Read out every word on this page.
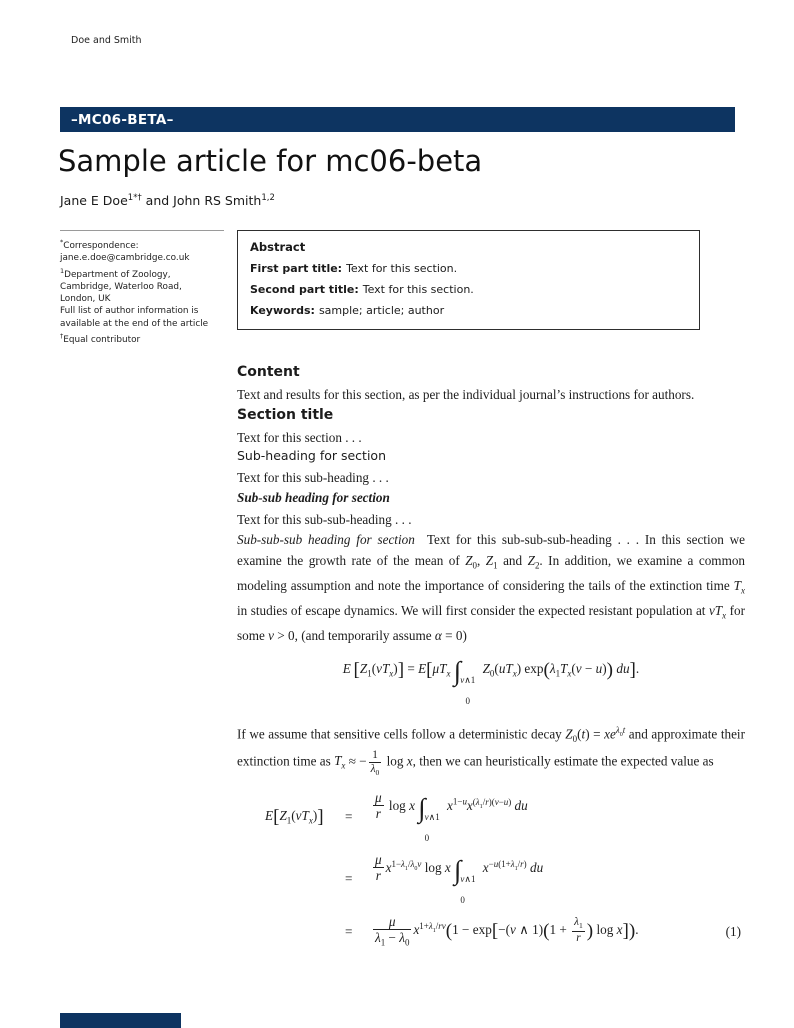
Doe and Smith
–MC06-BETA–
Sample article for mc06-beta
Jane E Doe$^{1*\dagger}$ and John RS Smith$^{1,2}$
*Correspondence:
jane.e.doe@cambridge.co.uk
$^1$Department of Zoology,
Cambridge, Waterloo Road,
London, UK
Full list of author information is
available at the end of the article
†Equal contributor
Abstract
First part title: Text for this section.
Second part title: Text for this section.
Keywords: sample; article; author
Content

Text and results for this section, as per the individual journal’s instructions for authors.

Section title

Text for this section . . .

Sub-heading for section

Text for this sub-heading . . .

Sub-sub heading for section

Text for this sub-sub-heading . . .

Sub-sub-sub heading for section Text for this sub-sub-sub-heading . . . In this section we examine the growth rate of the mean of $Z_0$, $Z_1$ and $Z_2$. In addition, we examine a common modeling assumption and note the importance of considering the tails of the extinction time $T_x$ in studies of escape dynamics. We will first consider the expected resistant population at $vT_x$ for some v > 0, (and temporarily assume α = 0)

E  $[Z_1(vT_x)] = E[\mu T_x$ ∫ v∧1
0
$Z_0(uT_x) \exp(\lambda_1T_x(v - u))$ du].

If we assume that sensitive cells follow a deterministic decay $Z_0(t) = xe^{\lambda_0t}$ and approximate their extinction time as $T_x$ ≈ − $\frac{1}{\lambda_0}$ log x, then we can heuristically estimate the expected value as

$E[Z_1(vT_x)]$	=	$\frac{\mu}{r}$ log x ∫ v∧1
0
$x^{1-u}x^{(\lambda_1/r)(v-u)}$ du
=	$\frac{\mu}{r} x^{1-\lambda_1/\lambda_0v}$ log x ∫ v∧1
0
$x^{-u(1+\lambda_1/r)}$ du
=	$\frac{\mu}{\lambda_1 - \lambda_0} x^{1+\lambda_1/rv}(1 - \exp[-(v$ ∧ $1)(1 + \frac{\lambda_1}{r}$ ) log x]).	(1)
